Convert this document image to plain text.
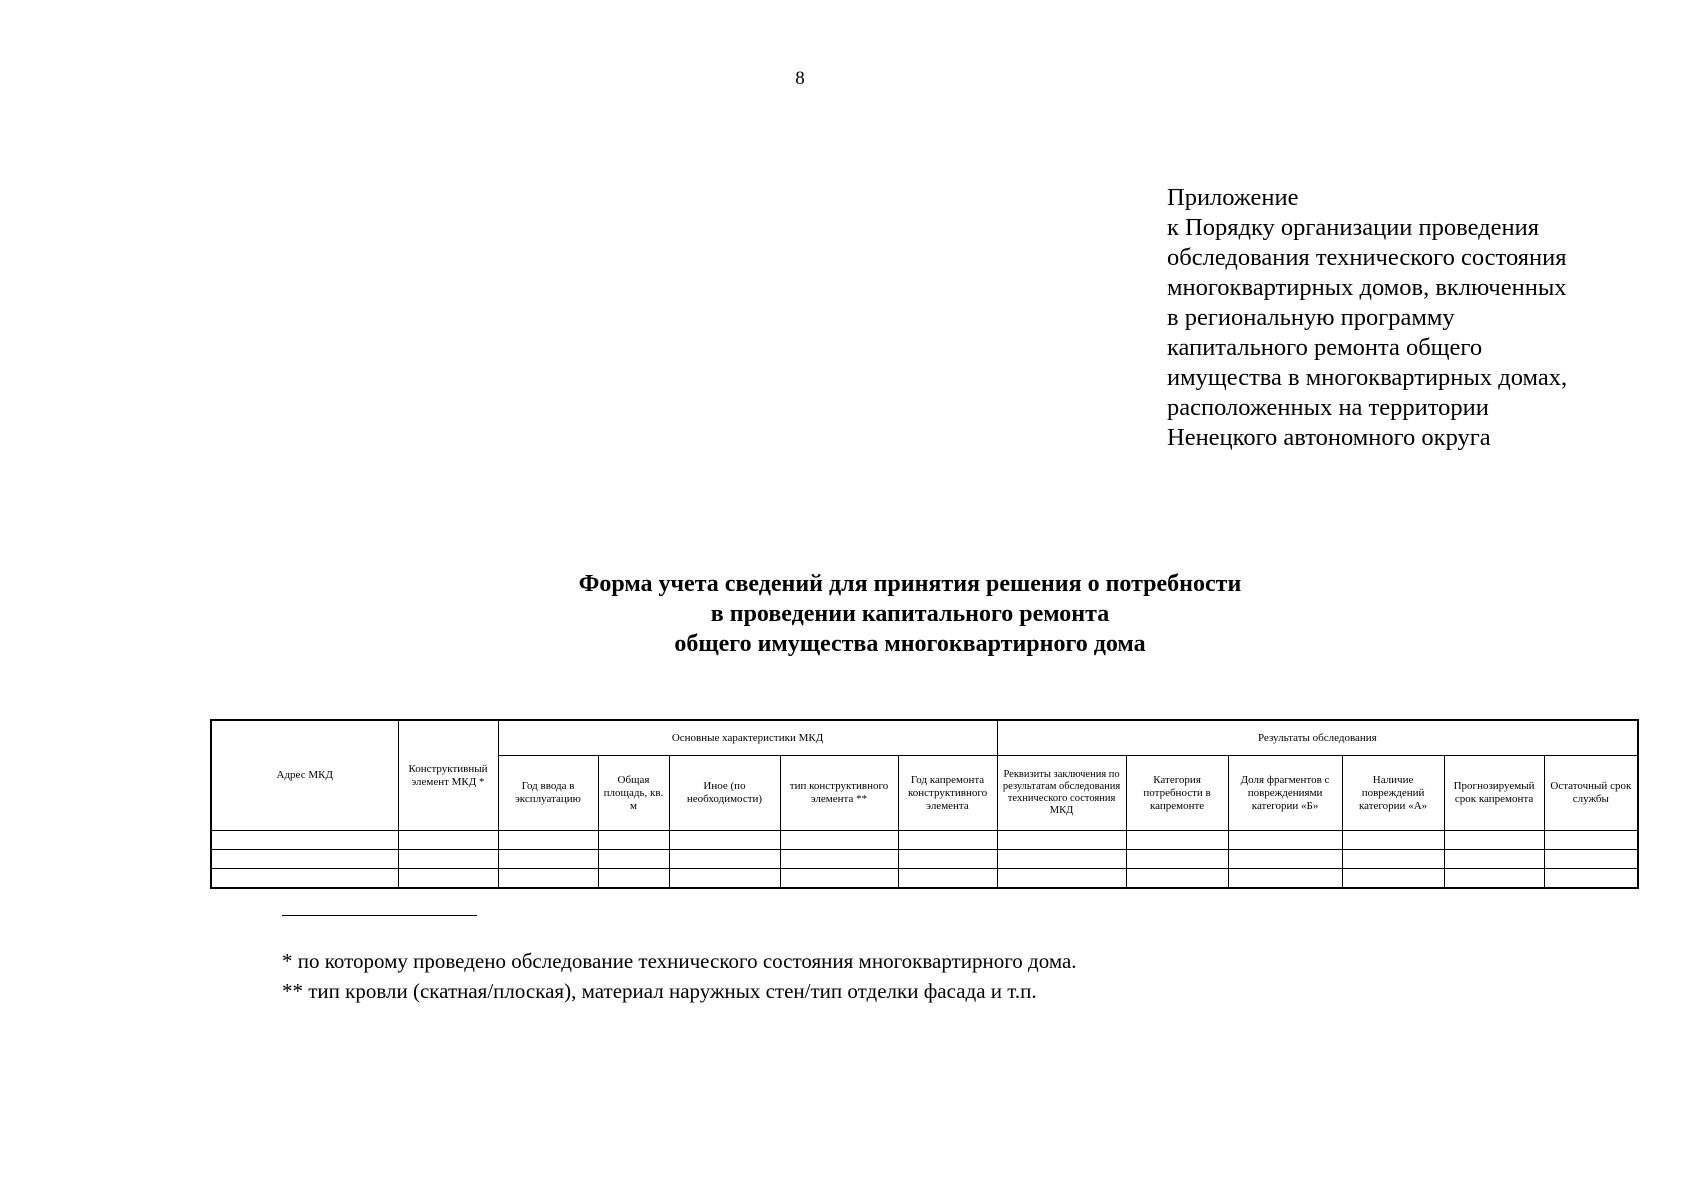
8
Приложение
к Порядку организации проведения
обследования технического состояния
многоквартирных домов, включенных
в региональную программу
капитального ремонта общего
имущества в многоквартирных домах,
расположенных на территории
Ненецкого автономного округа
Форма учета сведений для принятия решения о потребности
в проведении капитального ремонта
общего имущества многоквартирного дома
Адрес МКД	Конструктивный элемент МКД *	Основные характеристики МКД					Результаты обследования					
		Год ввода в эксплуатацию	Общая площадь, кв. м	Иное (по необходимости)	тип конструктивного элемента **	Год капремонта конструктивного элемента	Реквизиты заключения по результатам обследования технического состояния МКД	Категория потребности в капремонте	Доля фрагментов с повреждениями категории «Б»	Наличие повреждений категории «А»	Прогнозируемый срок капремонта	Остаточный срок службы

* по которому проведено обследование технического состояния многоквартирного дома.
** тип кровли (скатная/плоская), материал наружных стен/тип отделки фасада и т.п.
